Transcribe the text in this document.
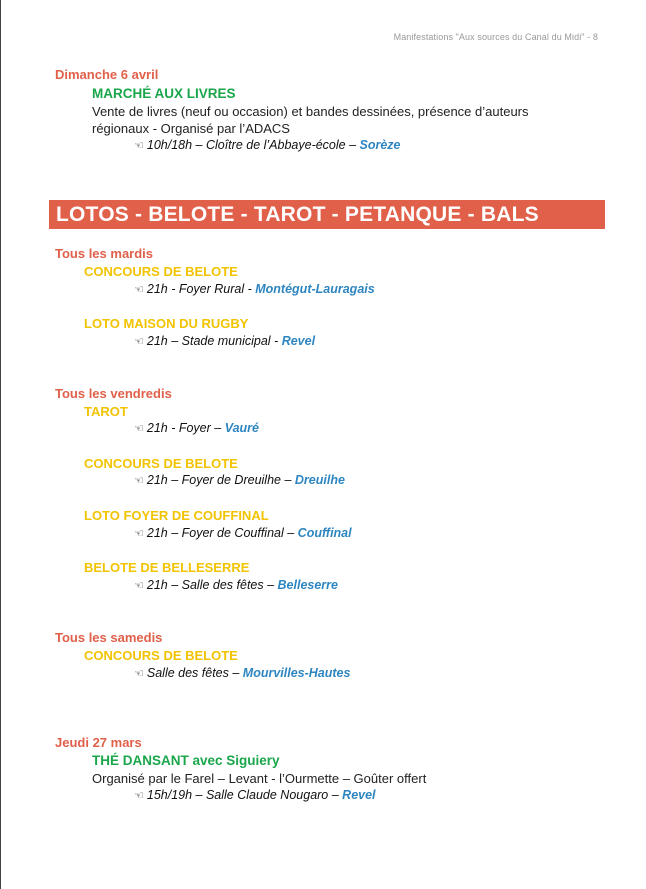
Manifestations "Aux sources du Canal du Midi" - 8
Dimanche 6 avril
MARCHÉ AUX LIVRES
Vente de livres (neuf ou occasion) et bandes dessinées, présence d’auteurs
régionaux - Organisé par l’ADACS
☜ 10h/18h – Cloître de l’Abbaye-école – Sorèze
LOTOS - BELOTE - TAROT - PETANQUE - BALS
Tous les mardis
CONCOURS DE BELOTE
☜ 21h - Foyer Rural - Montégut-Lauragais
LOTO MAISON DU RUGBY
☜ 21h – Stade municipal - Revel
Tous les vendredis
TAROT
☜ 21h - Foyer – Vauré
CONCOURS DE BELOTE
☜ 21h – Foyer de Dreuilhe – Dreuilhe
LOTO FOYER DE COUFFINAL
☜ 21h – Foyer de Couffinal – Couffinal
BELOTE DE BELLESERRE
☜ 21h – Salle des fêtes – Belleserre
Tous les samedis
CONCOURS DE BELOTE
☜ Salle des fêtes – Mourvilles-Hautes
Jeudi 27 mars
THÉ DANSANT avec Siguiery
Organisé par le Farel – Levant - l’Ourmette – Goûter offert
☜ 15h/19h – Salle Claude Nougaro – Revel
